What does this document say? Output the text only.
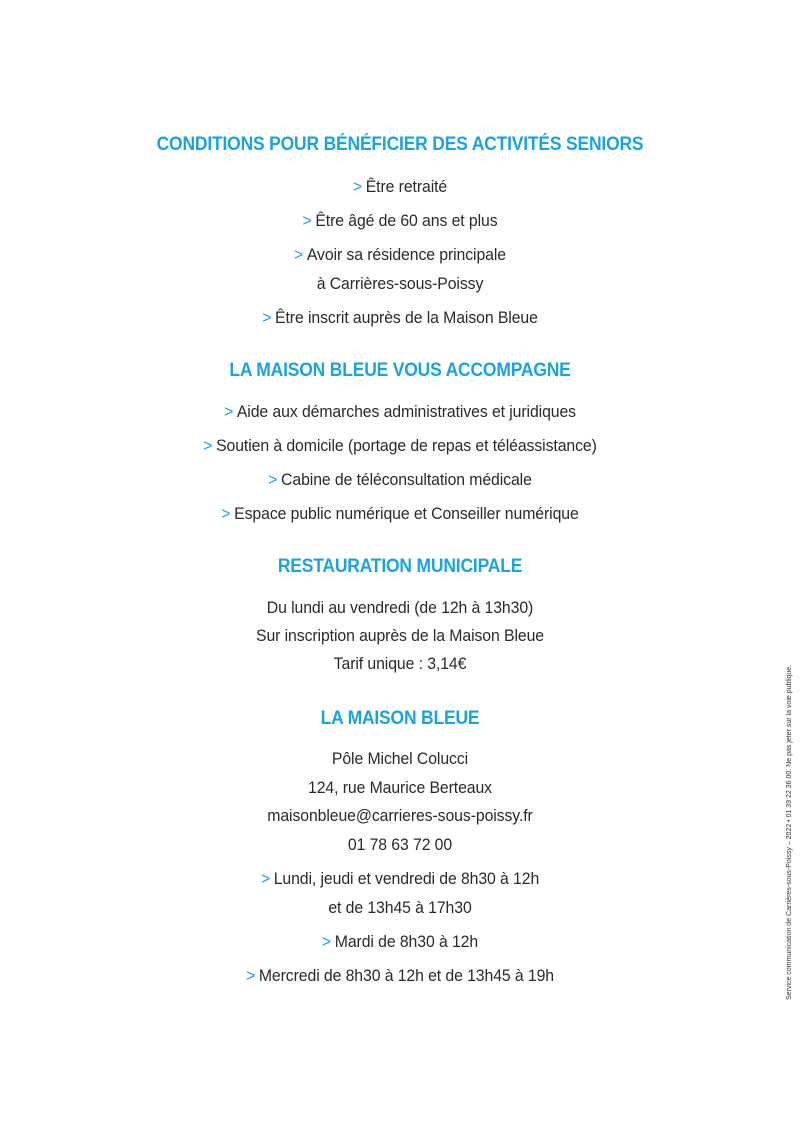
CONDITIONS POUR BÉNÉFICIER DES ACTIVITÉS SENIORS
> Être retraité
> Être âgé de 60 ans et plus
> Avoir sa résidence principale
à Carrières-sous-Poissy
> Être inscrit auprès de la Maison Bleue
LA MAISON BLEUE VOUS ACCOMPAGNE
> Aide aux démarches administratives et juridiques
> Soutien à domicile (portage de repas et téléassistance)
> Cabine de téléconsultation médicale
> Espace public numérique et Conseiller numérique
RESTAURATION MUNICIPALE
Du lundi au vendredi (de 12h à 13h30)
Sur inscription auprès de la Maison Bleue
Tarif unique : 3,14€
LA MAISON BLEUE
Pôle Michel Colucci
124, rue Maurice Berteaux
maisonbleue@carrieres-sous-poissy.fr
01 78 63 72 00
> Lundi, jeudi et vendredi de 8h30 à 12h
et de 13h45 à 17h30
> Mardi de 8h30 à 12h
> Mercredi de 8h30 à 12h et de 13h45 à 19h	Service communication de Carrières-sous-Poissy – 2022 • 01 39 22 36 00. Ne pas jeter sur la voie publique.
